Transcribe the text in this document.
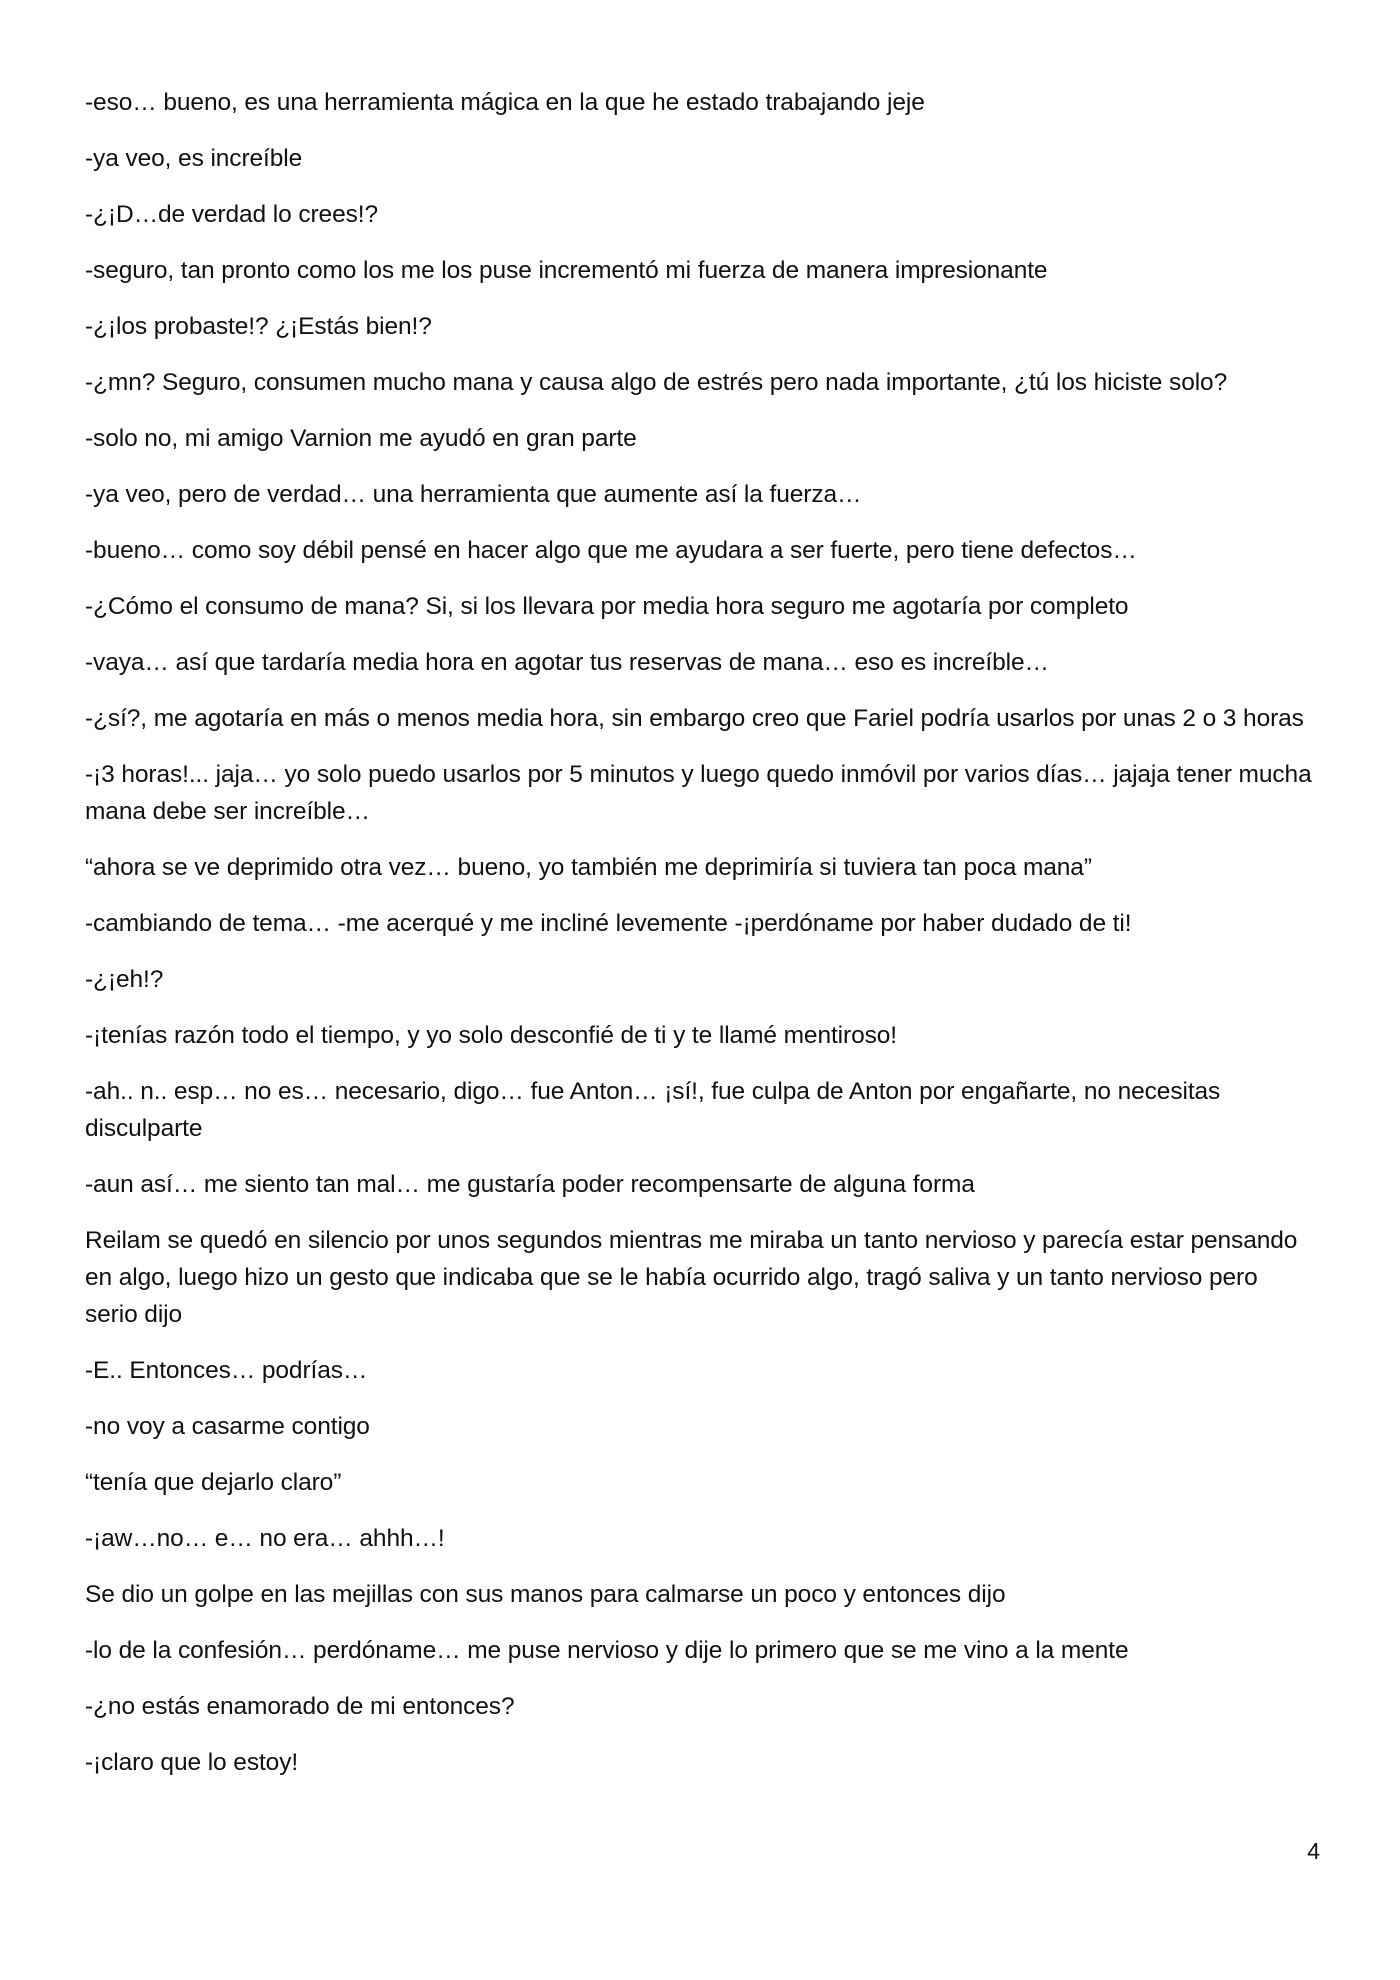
-eso… bueno, es una herramienta mágica en la que he estado trabajando jeje

-ya veo, es increíble

-¿¡D…de verdad lo crees!?

-seguro, tan pronto como los me los puse incrementó mi fuerza de manera impresionante

-¿¡los probaste!? ¿¡Estás bien!?

-¿mn? Seguro, consumen mucho mana y causa algo de estrés pero nada importante, ¿tú los hiciste solo?

-solo no, mi amigo Varnion me ayudó en gran parte

-ya veo, pero de verdad… una herramienta que aumente así la fuerza…

-bueno… como soy débil pensé en hacer algo que me ayudara a ser fuerte, pero tiene defectos…

-¿Cómo el consumo de mana? Si, si los llevara por media hora seguro me agotaría por completo

-vaya… así que tardaría media hora en agotar tus reservas de mana… eso es increíble…

-¿sí?, me agotaría en más o menos media hora, sin embargo creo que Fariel podría usarlos por unas 2 o 3 horas

-¡3 horas!... jaja… yo solo puedo usarlos por 5 minutos y luego quedo inmóvil por varios días… jajaja tener mucha mana debe ser increíble…

“ahora se ve deprimido otra vez… bueno, yo también me deprimiría si tuviera tan poca mana”

-cambiando de tema… -me acerqué y me incliné levemente -¡perdóname por haber dudado de ti!

-¿¡eh!?

-¡tenías razón todo el tiempo, y yo solo desconfié de ti y te llamé mentiroso!

-ah.. n.. esp… no es… necesario, digo… fue Anton… ¡sí!, fue culpa de Anton por engañarte, no necesitas disculparte

-aun así… me siento tan mal… me gustaría poder recompensarte de alguna forma

Reilam se quedó en silencio por unos segundos mientras me miraba un tanto nervioso y parecía estar pensando en algo, luego hizo un gesto que indicaba que se le había ocurrido algo, tragó saliva y un tanto nervioso pero serio dijo

-E.. Entonces… podrías…

-no voy a casarme contigo

“tenía que dejarlo claro”

-¡aw…no… e… no era… ahhh…!

Se dio un golpe en las mejillas con sus manos para calmarse un poco y entonces dijo

-lo de la confesión… perdóname… me puse nervioso y dije lo primero que se me vino a la mente

-¿no estás enamorado de mi entonces?

-¡claro que lo estoy!

4
